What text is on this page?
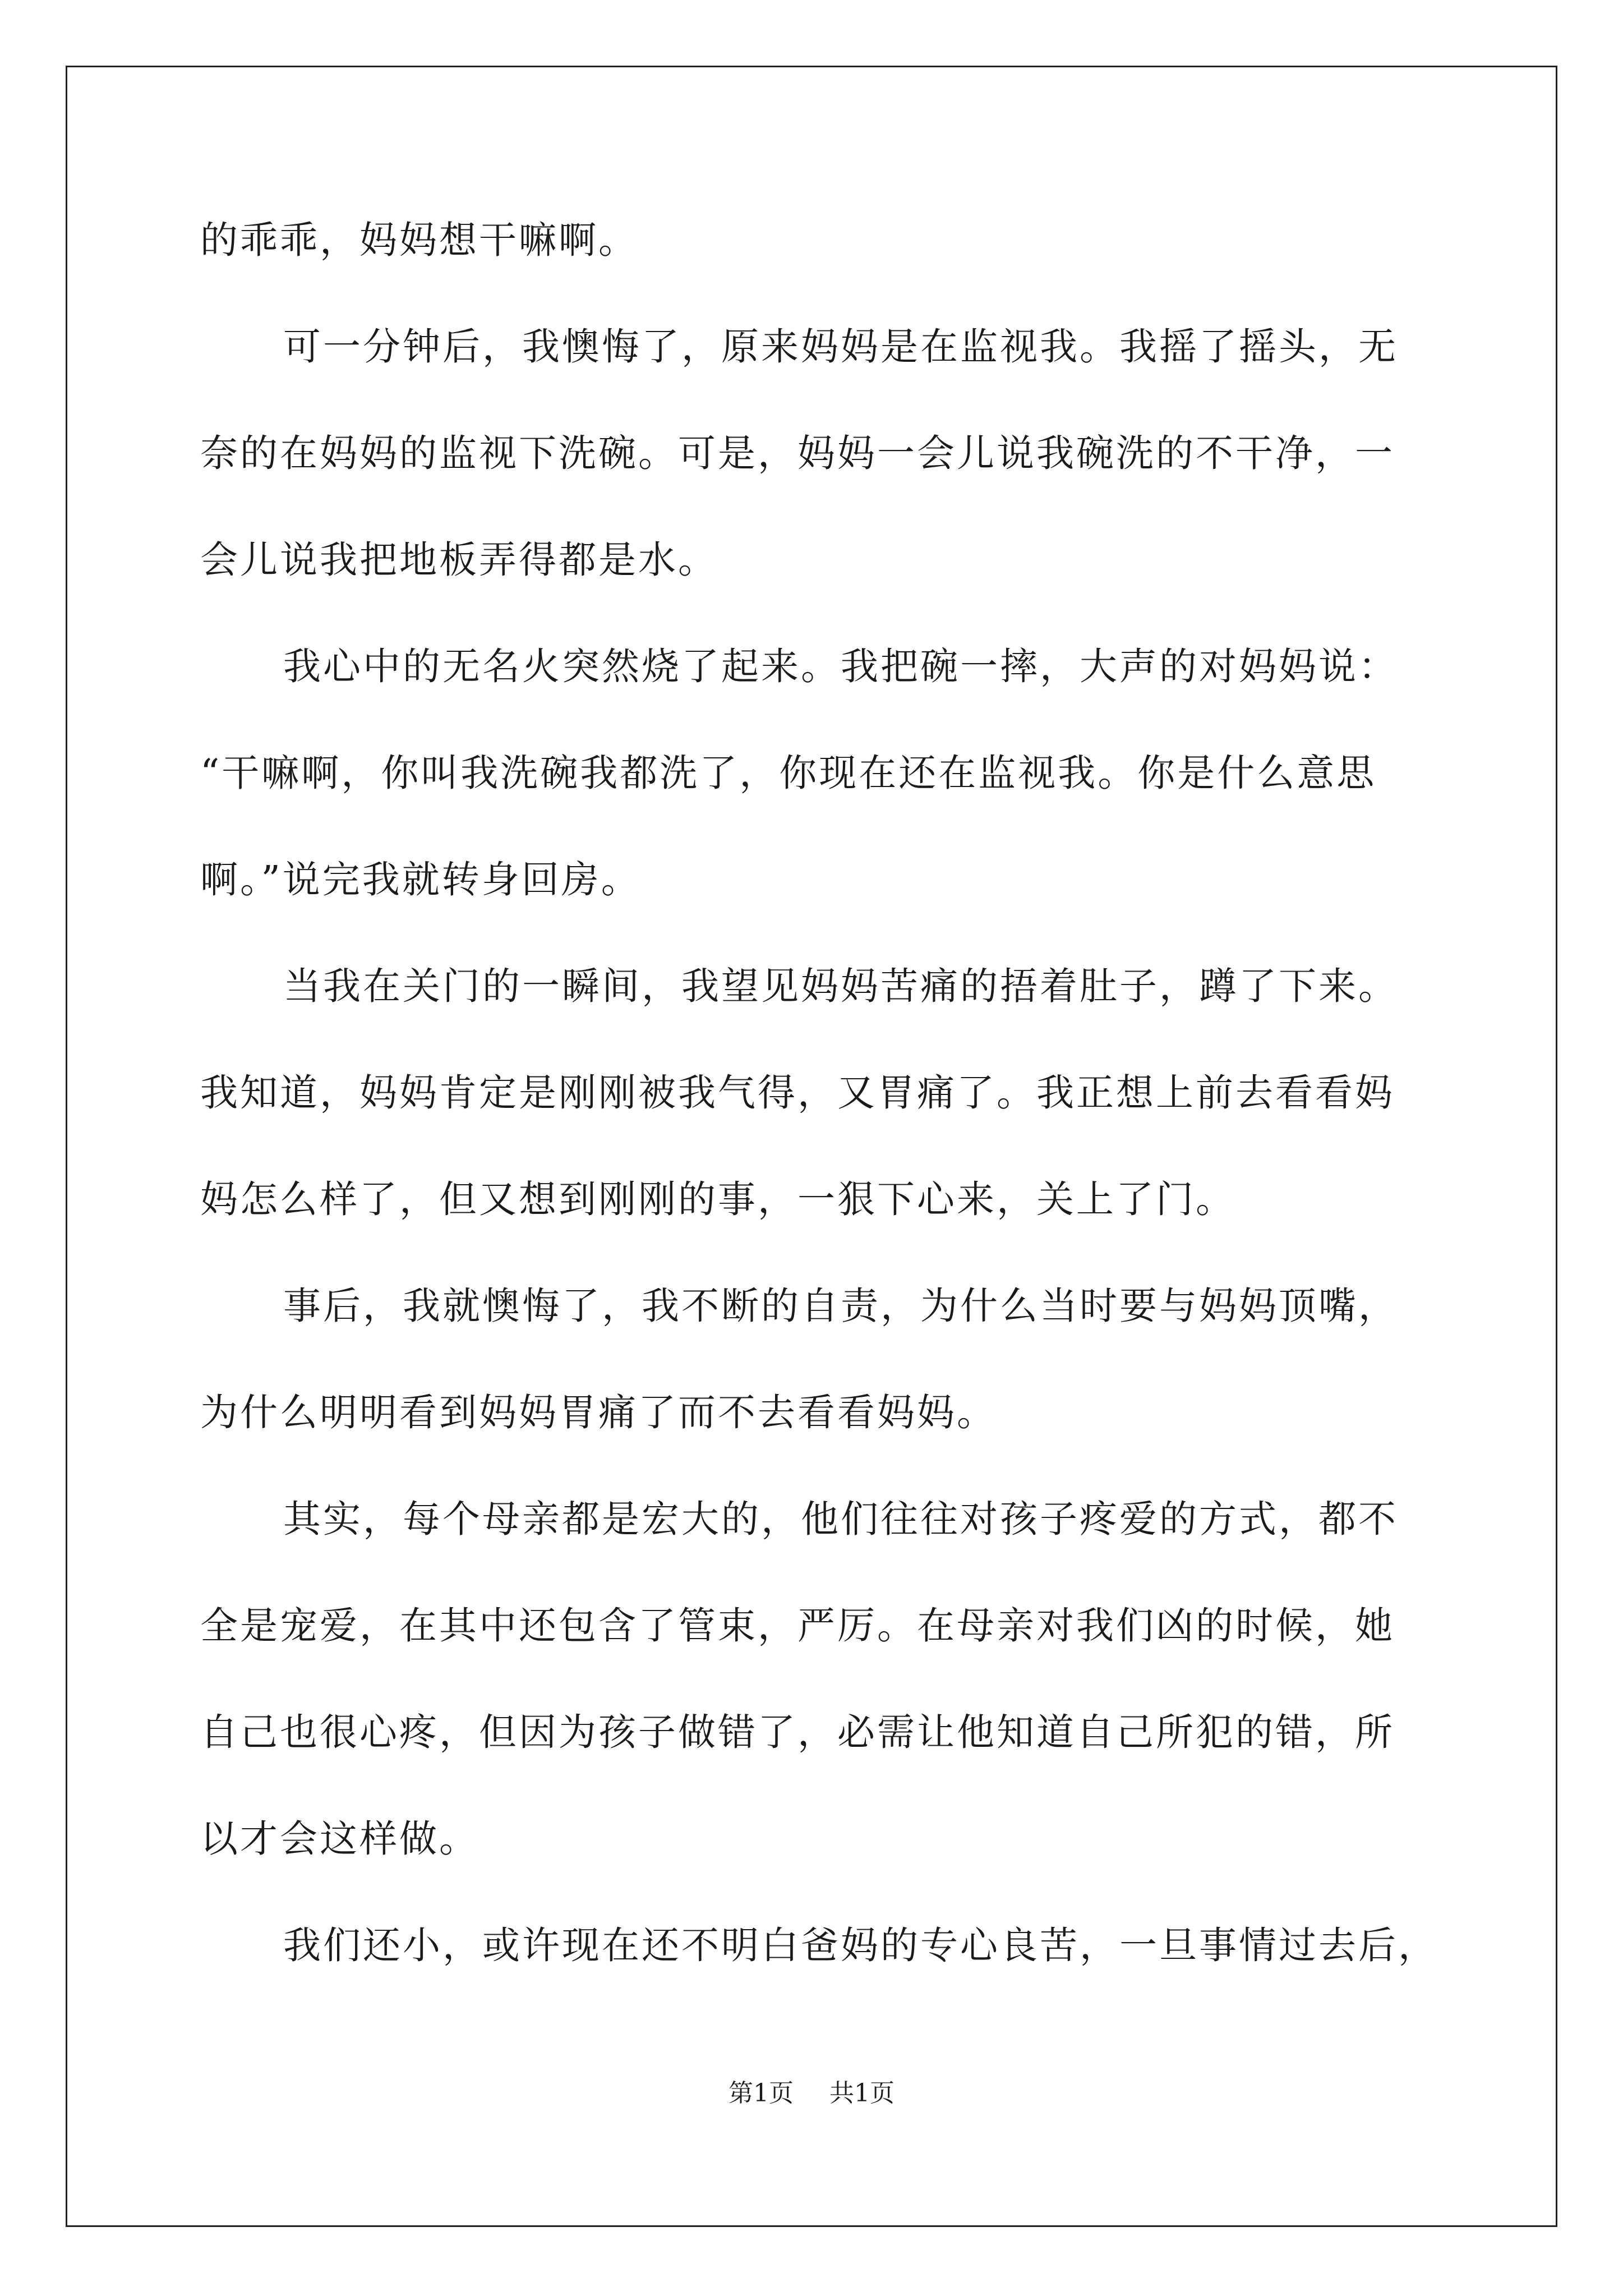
的乖乖，妈妈想干嘛啊。
可一分钟后，我懊悔了，原来妈妈是在监视我。我摇了摇头，无
奈的在妈妈的监视下洗碗。可是，妈妈一会儿说我碗洗的不干净，一
会儿说我把地板弄得都是水。
我心中的无名火突然烧了起来。我把碗一摔，大声的对妈妈说：
“干嘛啊，你叫我洗碗我都洗了，你现在还在监视我。你是什么意思
啊。”说完我就转身回房。
当我在关门的一瞬间，我望见妈妈苦痛的捂着肚子，蹲了下来。
我知道，妈妈肯定是刚刚被我气得，又胃痛了。我正想上前去看看妈
妈怎么样了，但又想到刚刚的事，一狠下心来，关上了门。
事后，我就懊悔了，我不断的自责，为什么当时要与妈妈顶嘴，
为什么明明看到妈妈胃痛了而不去看看妈妈。
其实，每个母亲都是宏大的，他们往往对孩子疼爱的方式，都不
全是宠爱，在其中还包含了管束，严厉。在母亲对我们凶的时候，她
自己也很心疼，但因为孩子做错了，必需让他知道自己所犯的错，所
以才会这样做。
我们还小，或许现在还不明白爸妈的专心良苦，一旦事情过去后，
第1页 共1页
